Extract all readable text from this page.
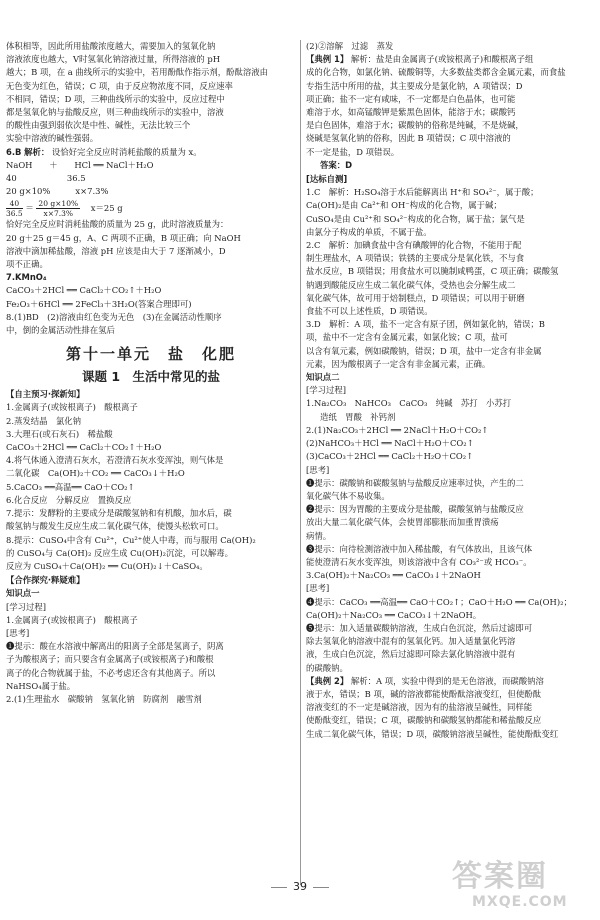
体积相等，因此所用盐酸浓度越大，需要加入的氢氧化钠

溶液浓度也越大，Ⅴ时氢氧化钠溶液过量，所得溶液的 pH

越大；B 项，在 a 曲线所示的实验中，若用酚酞作指示剂，酚酞溶液由

无色变为红色，错误；C 项，由于反应物浓度不同，反应速率

不相同，错误；D 项，三种曲线所示的实验中，反应过程中

都是氢氧化钠与盐酸反应，则三种曲线所示的实验中，溶液

的酸性由强到弱依次是中性、碱性，无法比较三个

实验中溶液的碱性强弱。

6.B 解析： 设恰好完全反应时消耗盐酸的质量为 x。

NaOH　　＋　　HCl ══ NaCl＋H₂O

40　　　　　　36.5

20 g×10%　　　x×7.3%

$\frac{40}{36.5} = \frac{20 g\times 10\%}{x\times 7.3\%} x=25$ g

恰好完全反应时消耗盐酸的质量为 25 g，此时溶液质量为：

20 g＋25 g＝45 g，A、C 两项不正确，B 项正确；向 NaOH

溶液中滴加稀盐酸，溶液 pH 应该是由大于 7 逐渐减小，D

项不正确。

7.KMnO₄

CaCO₃＋2HCl ══ CaCl₂＋CO₂↑＋H₂O

Fe₂O₃＋6HCl ══ 2FeCl₃＋3H₂O(答案合理即可)

8.(1)BD　(2)溶液由红色变为无色　(3)在金属活动性顺序

中，倒的金属活动性排在氢后

第十一单元　盐　化肥
课题 1　生活中常见的盐

【自主预习·探新知】

1.金属离子(或铵根离子)　酸根离子

2.蒸发结晶　氯化钠

3.大理石(或石灰石)　稀盐酸

CaCO₃＋2HCl ══ CaCl₂＋CO₂↑＋H₂O

4.将气体通入澄清石灰水，若澄清石灰水变浑浊，则气体是

二氧化碳　Ca(OH)₂＋CO₂ ══ CaCO₃↓＋H₂O

5.CaCO₃ ══高温══ CaO＋CO₂↑

6.化合反应　分解反应　置换反应

7.提示：发酵粉的主要成分是碳酸氢钠和有机酸，加水后，碳

酸氢钠与酸发生反应生成二氧化碳气体，使馒头松软可口。

8.提示：CuSO₄中含有 Cu²⁺，Cu²⁺使人中毒，而与服用 Ca(OH)₂

的 CuSO₄与 Ca(OH)₂ 反应生成 Cu(OH)₂沉淀，可以解毒。

反应为 CuSO₄＋Ca(OH)₂ ══ Cu(OH)₂↓＋CaSO₄。

【合作探究·释疑难】

知识点一

[学习过程]

1.金属离子(或铵根离子)　酸根离子

[思考]

❶提示：酸在水溶液中解离出的阳离子全部是氢离子，阴离

子为酸根离子；而只要含有金属离子(或铵根离子)和酸根

离子的化合物就属于盐，不必考虑还含有其他离子。所以

NaHSO₄属于盐。

2.(1)生理盐水　碳酸钠　氢氧化钠　防腐剂　融雪剂

(2)②溶解　过滤　蒸发

【典例 1】 解析：盐是由金属离子(或铵根离子)和酸根离子组

成的化合物，如氯化钠、硫酸铜等，大多数盐类都含金属元素，而食盐

专指生活中所用的盐，其主要成分是氯化钠，A 项错误；D

项正确；盐不一定有咸味，不一定都是白色晶体，也可能

难溶于水，如高锰酸钾是紫黑色固体，能溶于水；碳酸钙

是白色固体，难溶于水；碳酸钠的俗称是纯碱，不是烧碱，

烧碱是氢氧化钠的俗称，因此 B 项错误；C 项中溶液的

不一定是盐，D 项错误。

答案：D

[达标自测]

1.C　解析：H₂SO₄溶于水后能解离出 H⁺和 SO₄²⁻，属于酸；

Ca(OH)₂是由 Ca²⁺和 OH⁻构成的化合物，属于碱；

CuSO₄是由 Cu²⁺和 SO₄²⁻构成的化合物，属于盐；氯气是

由氯分子构成的单质，不属于盐。

2.C　解析：加碘食盐中含有碘酸钾的化合物，不能用于配

制生理盐水，A 项错误；铁锈的主要成分是氧化铁，不与食

盐水反应，B 项错误；用食盐水可以腌制咸鸭蛋，C 项正确；碳酸氢

钠遇到酸能反应生成二氧化碳气体，受热也会分解生成二

氧化碳气体，故可用于焙制糕点，D 项错误；可以用于研磨

食盐不可以上述性质，D 项错误。

3.D　解析：A 项，盐不一定含有原子团，例如氯化钠，错误；B

项，盐中不一定含有金属元素，如氯化铵；C 项，盐可

以含有氧元素，例如碳酸钠，错误；D 项，盐中一定含有非金属

元素，因为酸根离子一定含有非金属元素，正确。

知识点二

[学习过程]

1.Na₂CO₃　NaHCO₃　CaCO₃　纯碱　苏打　小苏打

造纸　胃酸　补钙剂

2.(1)Na₂CO₃＋2HCl ══ 2NaCl＋H₂O＋CO₂↑

(2)NaHCO₃＋HCl ══ NaCl＋H₂O＋CO₂↑

(3)CaCO₃＋2HCl ══ CaCl₂＋H₂O＋CO₂↑

[思考]

❶提示：碳酸钠和碳酸氢钠与盐酸反应速率过快，产生的二

氧化碳气体不易收集。

❷提示：因为胃酸的主要成分是盐酸，碳酸氢钠与盐酸反应

放出大量二氧化碳气体，会使胃部膨胀而加重胃溃疡

病情。

❸提示：向待检测溶液中加入稀盐酸，有气体放出，且该气体

能使澄清石灰水变浑浊，则该溶液中含有 CO₃²⁻或 HCO₃⁻。

3.Ca(OH)₂＋Na₂CO₃ ══ CaCO₃↓＋2NaOH

[思考]

❹提示：CaCO₃ ══高温══ CaO＋CO₂↑；CaO＋H₂O ══ Ca(OH)₂；

Ca(OH)₂＋Na₂CO₃ ══ CaCO₃↓＋2NaOH。

❺提示：加入适量碳酸钠溶液，生成白色沉淀，然后过滤即可

除去氢氧化钠溶液中混有的氢氧化钙。加入适量氯化钙溶

液，生成白色沉淀，然后过滤即可除去氯化钠溶液中混有

的碳酸钠。

【典例 2】 解析：A 项，实验中得到的是无色溶液，而碳酸钠溶

液于水，错误；B 项，碱的溶液都能使酚酞溶液变红，但使酚酞

溶液变红的不一定是碱溶液，因为有的盐溶液呈碱性，同样能

使酚酞变红，错误；C 项，碳酸钠和碳酸氢钠都能和稀盐酸反应

生成二氧化碳气体，错误；D 项，碳酸钠溶液呈碱性，能使酚酞变红

39	答案圈
MXQE.COM
